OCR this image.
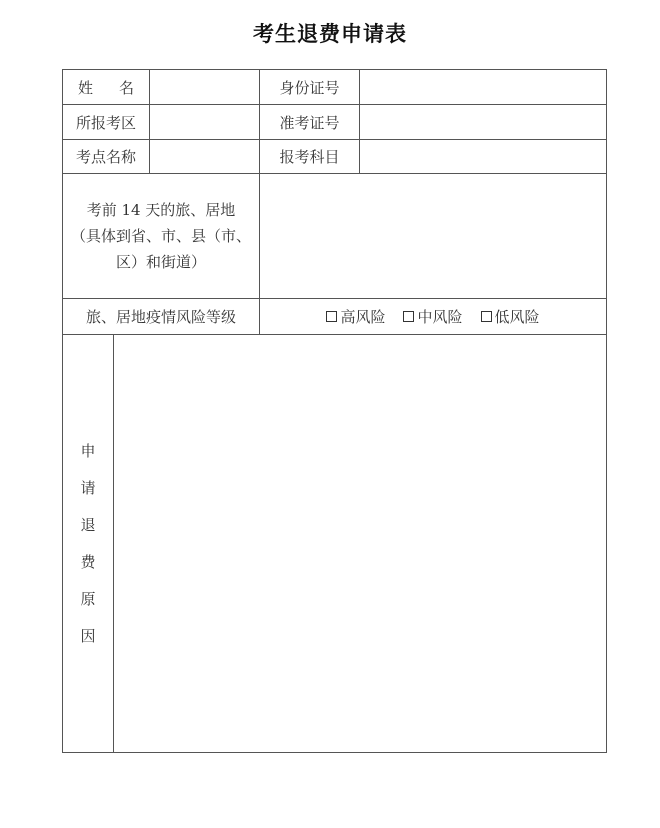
考生退费申请表
姓 名	身份证号
所报考区	准考证号
考点名称	报考科目
考前 14 天的旅、居地
（具体到省、市、县（市、
区）和街道）
旅、居地疫情风险等级	高风险 中风险 低风险
申
请
退
费
原
因
